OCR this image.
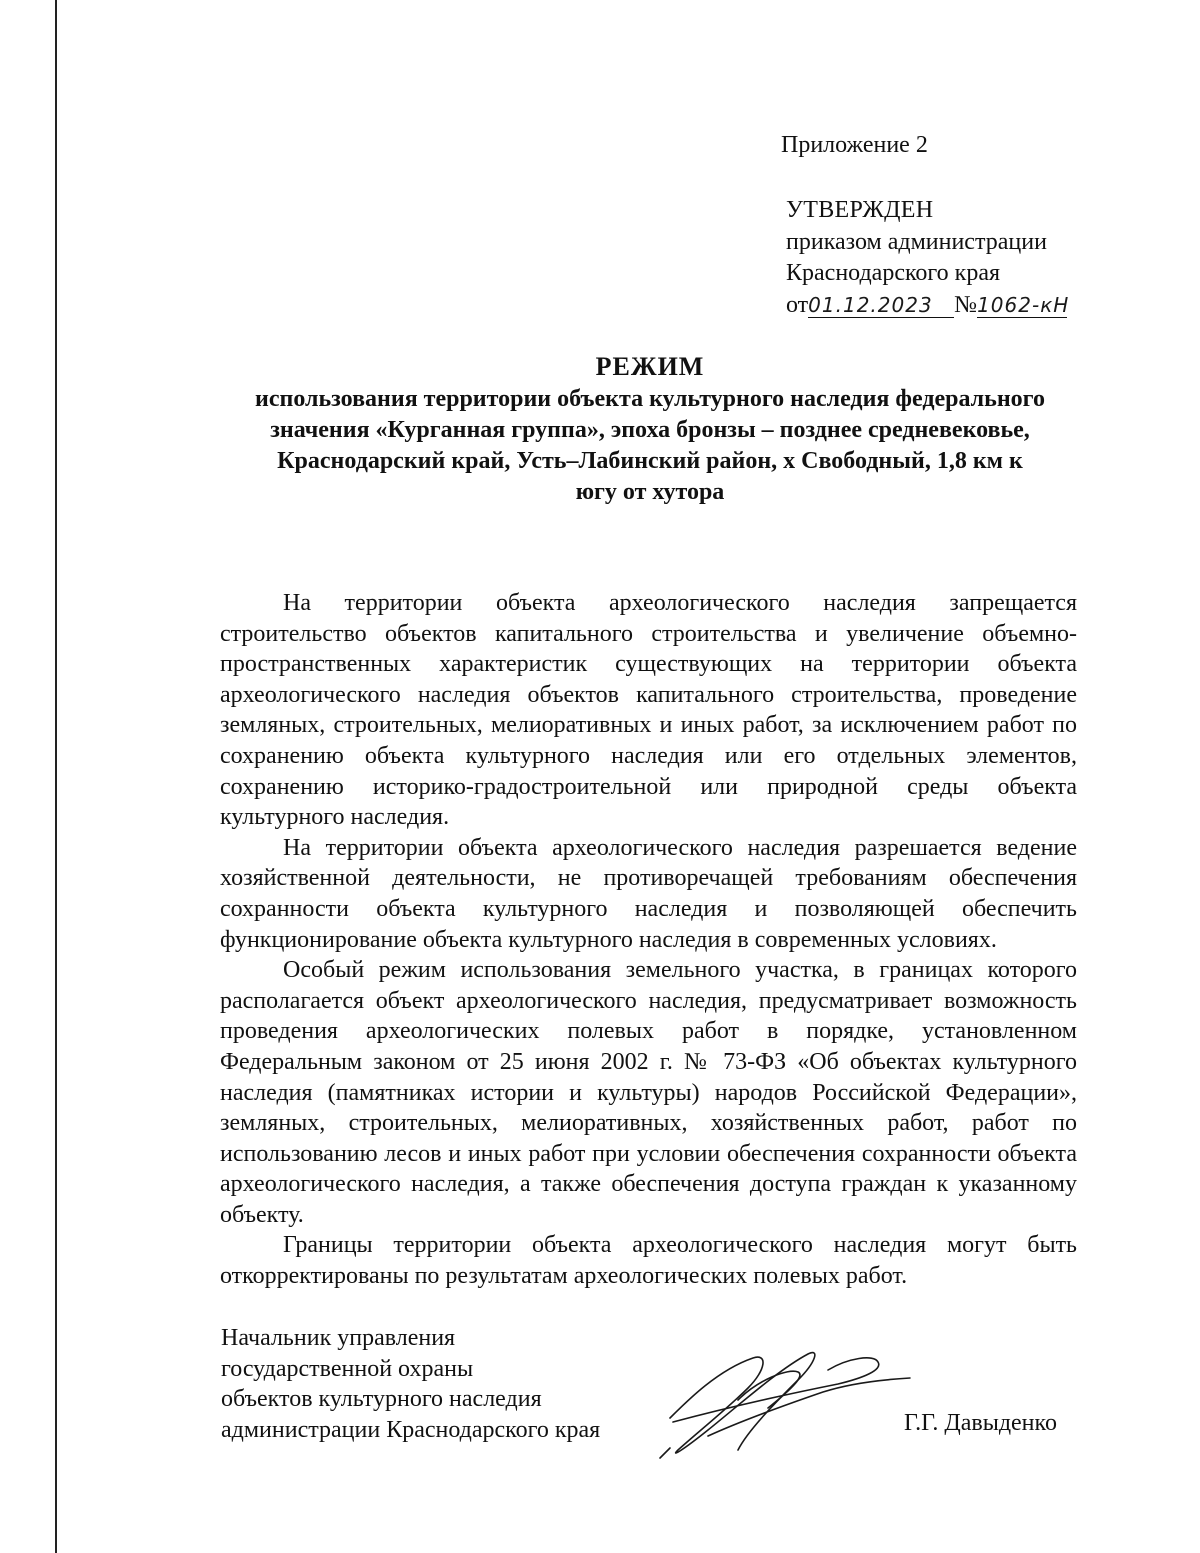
Приложение 2
УТВЕРЖДЕН
приказом администрации
Краснодарского края
от01.12.2023 №1062-кН
РЕЖИМ
использования территории объекта культурного наследия федерального
значения «Курганная группа», эпоха бронзы – позднее средневековье,
Краснодарский край, Усть–Лабинский район, х Свободный, 1,8 км к
югу от хутора

На территории объекта археологического наследия запрещается строительство объектов капитального строительства и увеличение объемно-пространственных характеристик существующих на территории объекта археологического наследия объектов капитального строительства, проведение земляных, строительных, мелиоративных и иных работ, за исключением работ по сохранению объекта культурного наследия или его отдельных элементов, сохранению историко-градостроительной или природной среды объекта культурного наследия.

На территории объекта археологического наследия разрешается ведение хозяйственной деятельности, не противоречащей требованиям обеспечения сохранности объекта культурного наследия и позволяющей обеспечить функционирование объекта культурного наследия в современных условиях.

Особый режим использования земельного участка, в границах которого располагается объект археологического наследия, предусматривает возможность проведения археологических полевых работ в порядке, установленном Федеральным законом от 25 июня 2002 г. № 73-ФЗ «Об объектах культурного наследия (памятниках истории и культуры) народов Российской Федерации», земляных, строительных, мелиоративных, хозяйственных работ, работ по использованию лесов и иных работ при условии обеспечения сохранности объекта археологического наследия, а также обеспечения доступа граждан к указанному объекту.

Границы территории объекта археологического наследия могут быть откорректированы по результатам археологических полевых работ.

Начальник управления
государственной охраны
объектов культурного наследия
администрации Краснодарского края	Г.Г. Давыденко
